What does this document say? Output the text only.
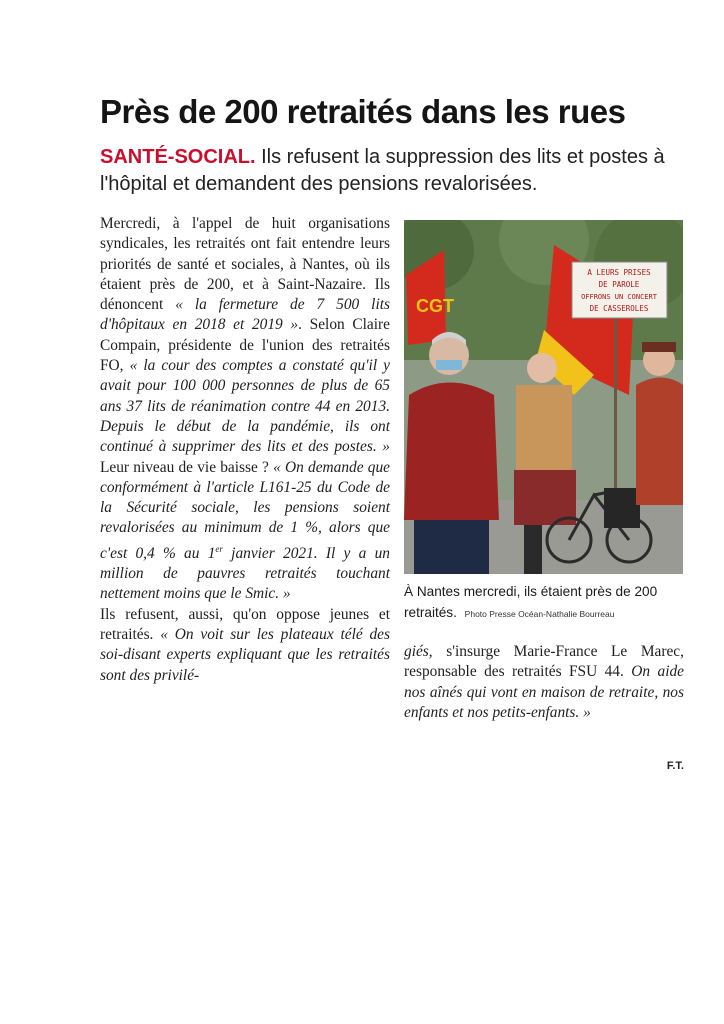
Près de 200 retraités dans les rues

SANTÉ-SOCIAL. Ils refusent la suppression des lits et postes à l'hôpital et demandent des pensions revalorisées.

Mercredi, à l'appel de huit organisations syndicales, les retraités ont fait entendre leurs priorités de santé et sociales, à Nantes, où ils étaient près de 200, et à Saint-Nazaire. Ils dénoncent « la fermeture de 7 500 lits d'hôpitaux en 2018 et 2019 ». Selon Claire Compain, présidente de l'union des retraités FO, « la cour des comptes a constaté qu'il y avait pour 100 000 personnes de plus de 65 ans 37 lits de réanimation contre 44 en 2013. Depuis le début de la pandémie, ils ont continué à supprimer des lits et des postes. » Leur niveau de vie baisse ? « On demande que conformément à l'article L161-25 du Code de la Sécurité sociale, les pensions soient revalorisées au minimum de 1 %, alors que c'est 0,4 % au 1er janvier 2021. Il y a un million de pauvres retraités touchant nettement moins que le Smic. »

Ils refusent, aussi, qu'on oppose jeunes et retraités. « On voit sur les plateaux télé des soi-disant experts expliquant que les retraités sont des privilé-

CGT
A LEURS PRISES
DE PAROLE
OFFRONS UN CONCERT
DE CASSEROLES
À Nantes mercredi, ils étaient près de 200 retraités. Photo Presse Océan-Nathalie Bourreau

giés, s'insurge Marie-France Le Marec, responsable des retraités FSU 44. On aide nos aînés qui vont en maison de retraite, nos enfants et nos petits-enfants. »

F.T.
